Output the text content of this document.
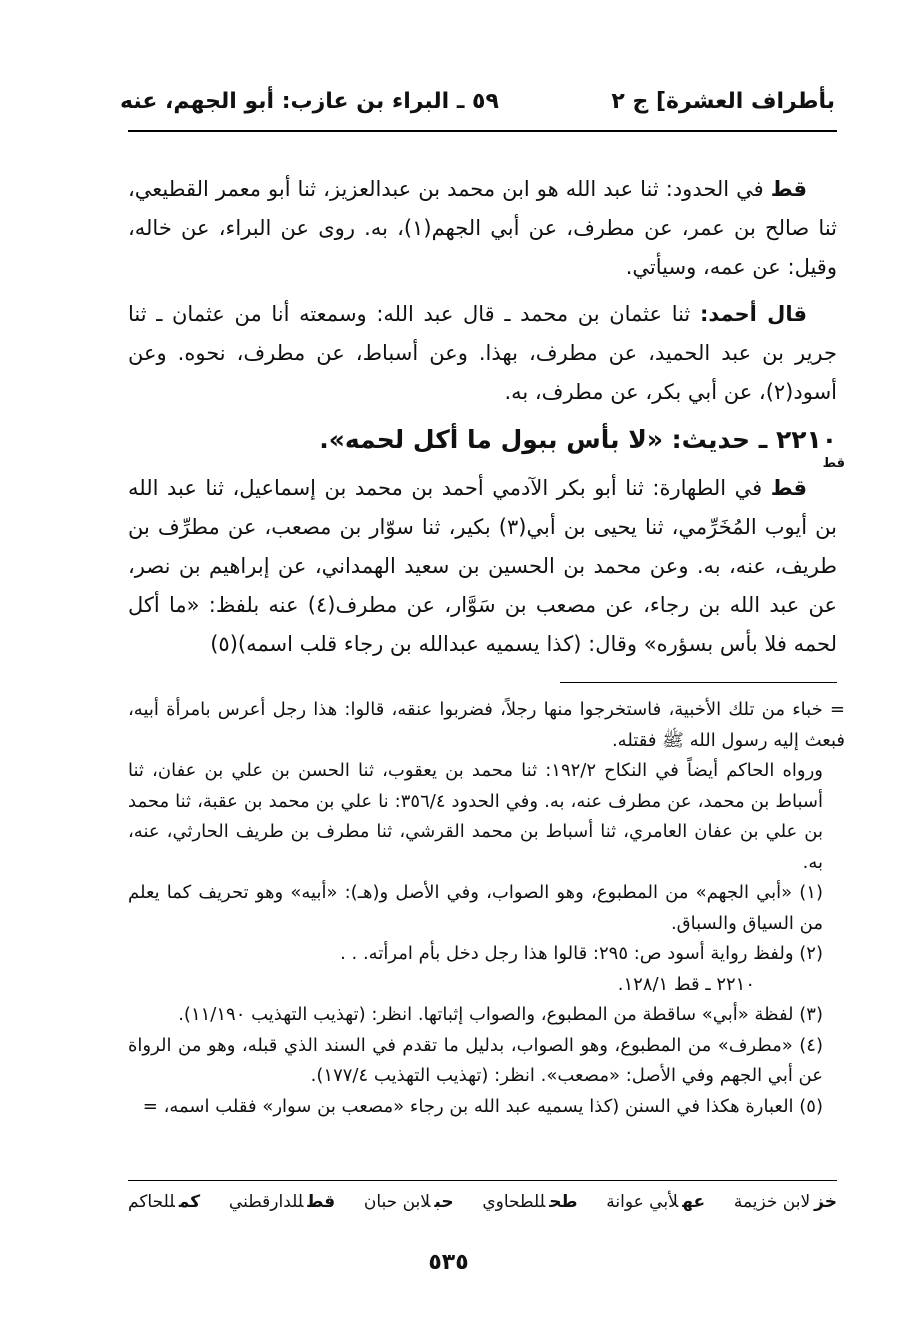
بأطراف العشرة] ج ٢
٥٩ ـ البراء بن عازب: أبو الجهم، عنه

قط في الحدود: ثنا عبد الله هو ابن محمد بن عبدالعزيز، ثنا أبو معمر القطيعي، ثنا صالح بن عمر، عن مطرف، عن أبي الجهم(١)، به. روى عن البراء، عن خاله، وقيل: عن عمه، وسيأتي.

قال أحمد: ثنا عثمان بن محمد ـ قال عبد الله: وسمعته أنا من عثمان ـ ثنا جرير بن عبد الحميد، عن مطرف، بهذا. وعن أسباط، عن مطرف، نحوه. وعن أسود(٢)، عن أبي بكر، عن مطرف، به.

٢٢١٠ ـ حديث: «لا بأس ببول ما أكل لحمه».
قط

قط في الطهارة: ثنا أبو بكر الآدمي أحمد بن محمد بن إسماعيل، ثنا عبد الله بن أيوب المُخَرِّمي، ثنا يحيى بن أبي(٣) بكير، ثنا سوّار بن مصعب، عن مطرِّف بن طريف، عنه، به. وعن محمد بن الحسين بن سعيد الهمداني، عن إبراهيم بن نصر، عن عبد الله بن رجاء، عن مصعب بن سَوَّار، عن مطرف(٤) عنه بلفظ: «ما أكل لحمه فلا بأس بسؤره» وقال: (كذا يسميه عبدالله بن رجاء قلب اسمه)(٥)

= خباء من تلك الأخبية، فاستخرجوا منها رجلاً، فضربوا عنقه، قالوا: هذا رجل أعرس بامرأة أبيه، فبعث إليه رسول الله ﷺ فقتله.

ورواه الحاكم أيضاً في النكاح ١٩٢/٢: ثنا محمد بن يعقوب، ثنا الحسن بن علي بن عفان، ثنا أسباط بن محمد، عن مطرف عنه، به. وفي الحدود ٣٥٦/٤: نا علي بن محمد بن عقبة، ثنا محمد بن علي بن عفان العامري، ثنا أسباط بن محمد القرشي، ثنا مطرف بن طريف الحارثي، عنه، به.

(١) «أبي الجهم» من المطبوع، وهو الصواب، وفي الأصل و(هـ): «أبيه» وهو تحريف كما يعلم من السياق والسباق.

(٢) ولفظ رواية أسود ص: ٢٩٥: قالوا هذا رجل دخل بأم امرأته. . .

٢٢١٠ ـ قط ١٢٨/١.

(٣) لفظة «أبي» ساقطة من المطبوع، والصواب إثباتها. انظر: (تهذيب التهذيب ١١/١٩٠).

(٤) «مطرف» من المطبوع، وهو الصواب، بدليل ما تقدم في السند الذي قبله، وهو من الرواة عن أبي الجهم وفي الأصل: «مصعب». انظر: (تهذيب التهذيب ١٧٧/٤).

(٥) العبارة هكذا في السنن (كذا يسميه عبد الله بن رجاء «مصعب بن سوار» فقلب اسمه، =

خزلابن خزيمة
عهلأبي عوانة
طحللطحاوي
حبلابن حبان
قطللدارقطني
كمللحاكم
٥٣٥
